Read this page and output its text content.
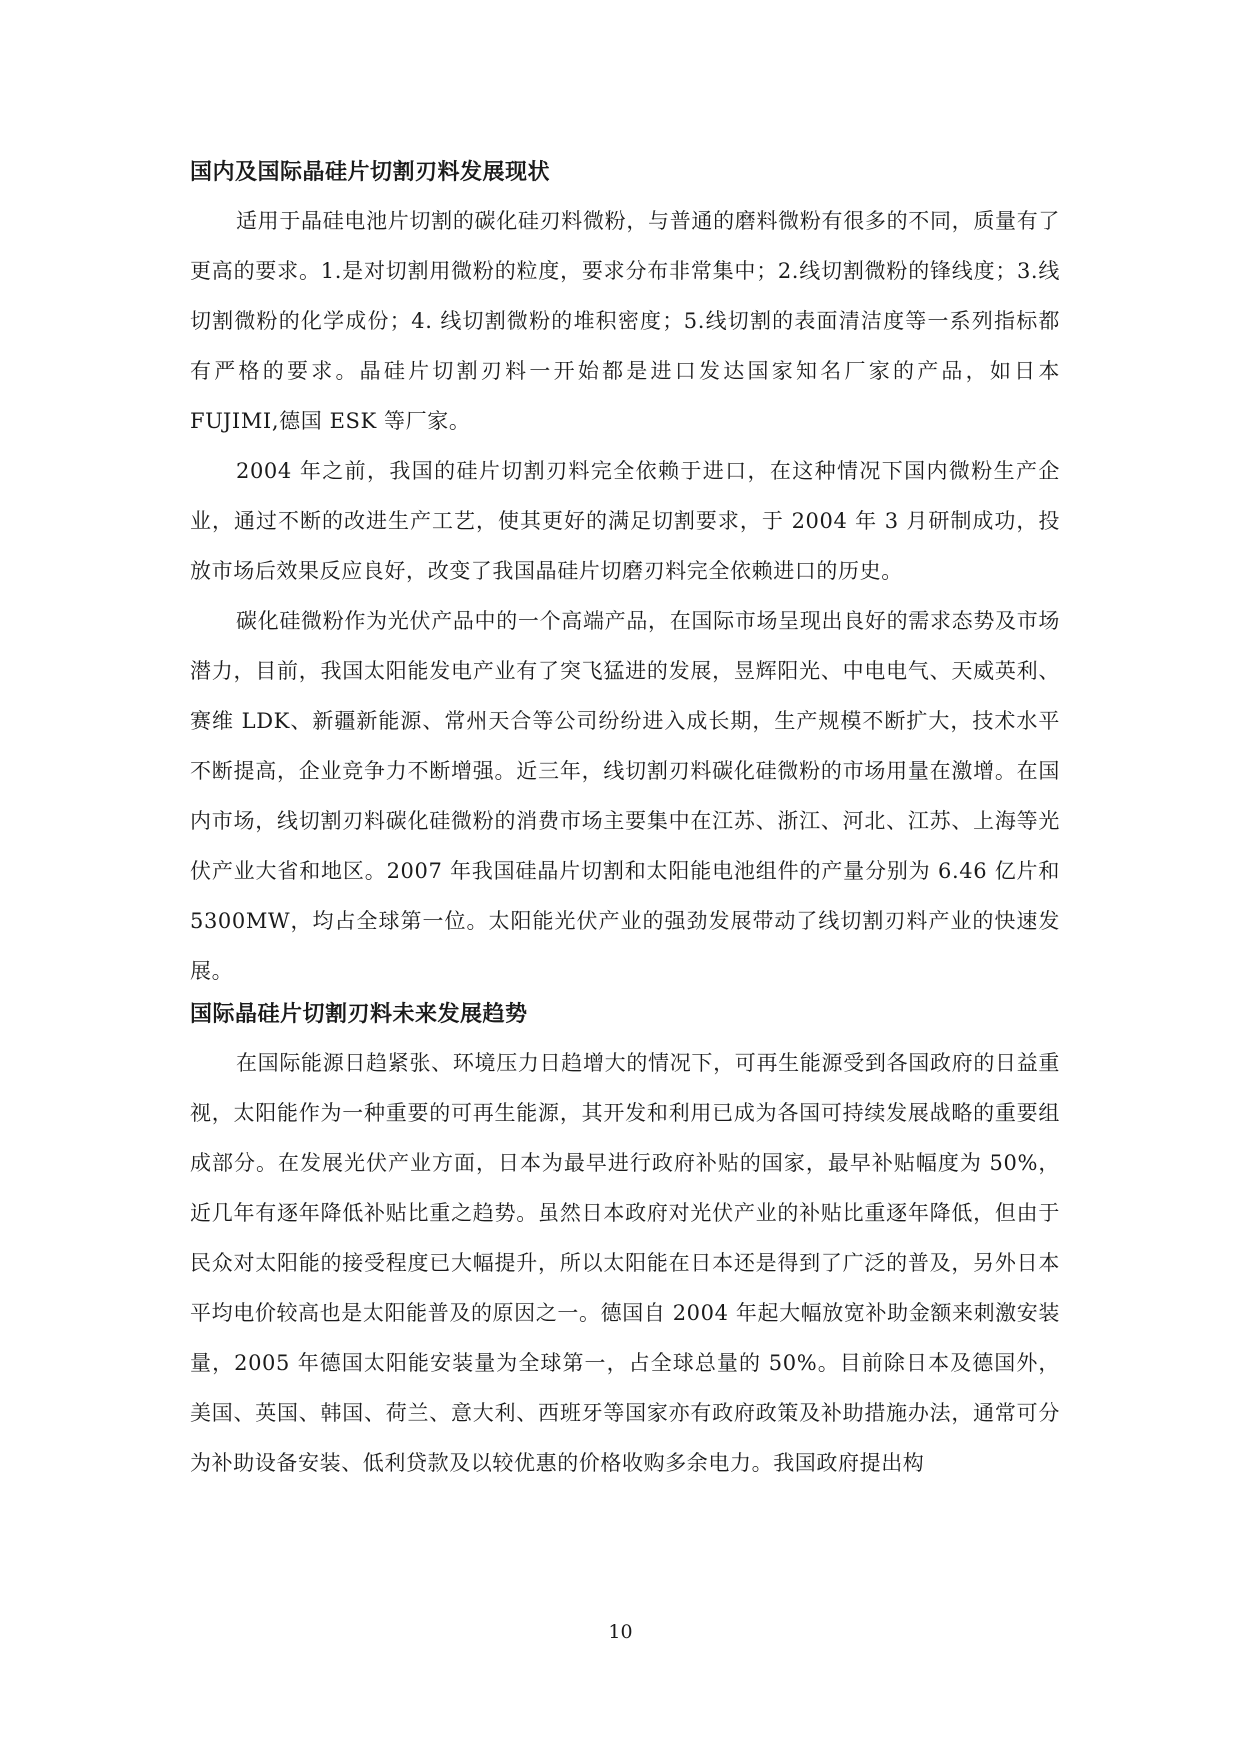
国内及国际晶硅片切割刃料发展现状

适用于晶硅电池片切割的碳化硅刃料微粉，与普通的磨料微粉有很多的不同，质量有了更高的要求。1.是对切割用微粉的粒度，要求分布非常集中；2.线切割微粉的锋线度；3.线切割微粉的化学成份；4. 线切割微粉的堆积密度；5.线切割的表面清洁度等一系列指标都有严格的要求。晶硅片切割刃料一开始都是进口发达国家知名厂家的产品，如日本 FUJIMI,德国 ESK 等厂家。

2004 年之前，我国的硅片切割刃料完全依赖于进口，在这种情况下国内微粉生产企业，通过不断的改进生产工艺，使其更好的满足切割要求，于 2004 年 3 月研制成功，投放市场后效果反应良好，改变了我国晶硅片切磨刃料完全依赖进口的历史。

碳化硅微粉作为光伏产品中的一个高端产品，在国际市场呈现出良好的需求态势及市场潜力，目前，我国太阳能发电产业有了突飞猛进的发展，昱辉阳光、中电电气、天威英利、赛维 LDK、新疆新能源、常州天合等公司纷纷进入成长期，生产规模不断扩大，技术水平不断提高，企业竞争力不断增强。近三年，线切割刃料碳化硅微粉的市场用量在激增。在国内市场，线切割刃料碳化硅微粉的消费市场主要集中在江苏、浙江、河北、江苏、上海等光伏产业大省和地区。2007 年我国硅晶片切割和太阳能电池组件的产量分别为 6.46 亿片和 5300MW，均占全球第一位。太阳能光伏产业的强劲发展带动了线切割刃料产业的快速发展。

国际晶硅片切割刃料未来发展趋势

在国际能源日趋紧张、环境压力日趋增大的情况下，可再生能源受到各国政府的日益重视，太阳能作为一种重要的可再生能源，其开发和利用已成为各国可持续发展战略的重要组成部分。在发展光伏产业方面，日本为最早进行政府补贴的国家，最早补贴幅度为 50%，近几年有逐年降低补贴比重之趋势。虽然日本政府对光伏产业的补贴比重逐年降低，但由于民众对太阳能的接受程度已大幅提升，所以太阳能在日本还是得到了广泛的普及，另外日本平均电价较高也是太阳能普及的原因之一。德国自 2004 年起大幅放宽补助金额来刺激安装量，2005 年德国太阳能安装量为全球第一，占全球总量的 50%。目前除日本及德国外，美国、英国、韩国、荷兰、意大利、西班牙等国家亦有政府政策及补助措施办法，通常可分为补助设备安装、低利贷款及以较优惠的价格收购多余电力。我国政府提出构

10
